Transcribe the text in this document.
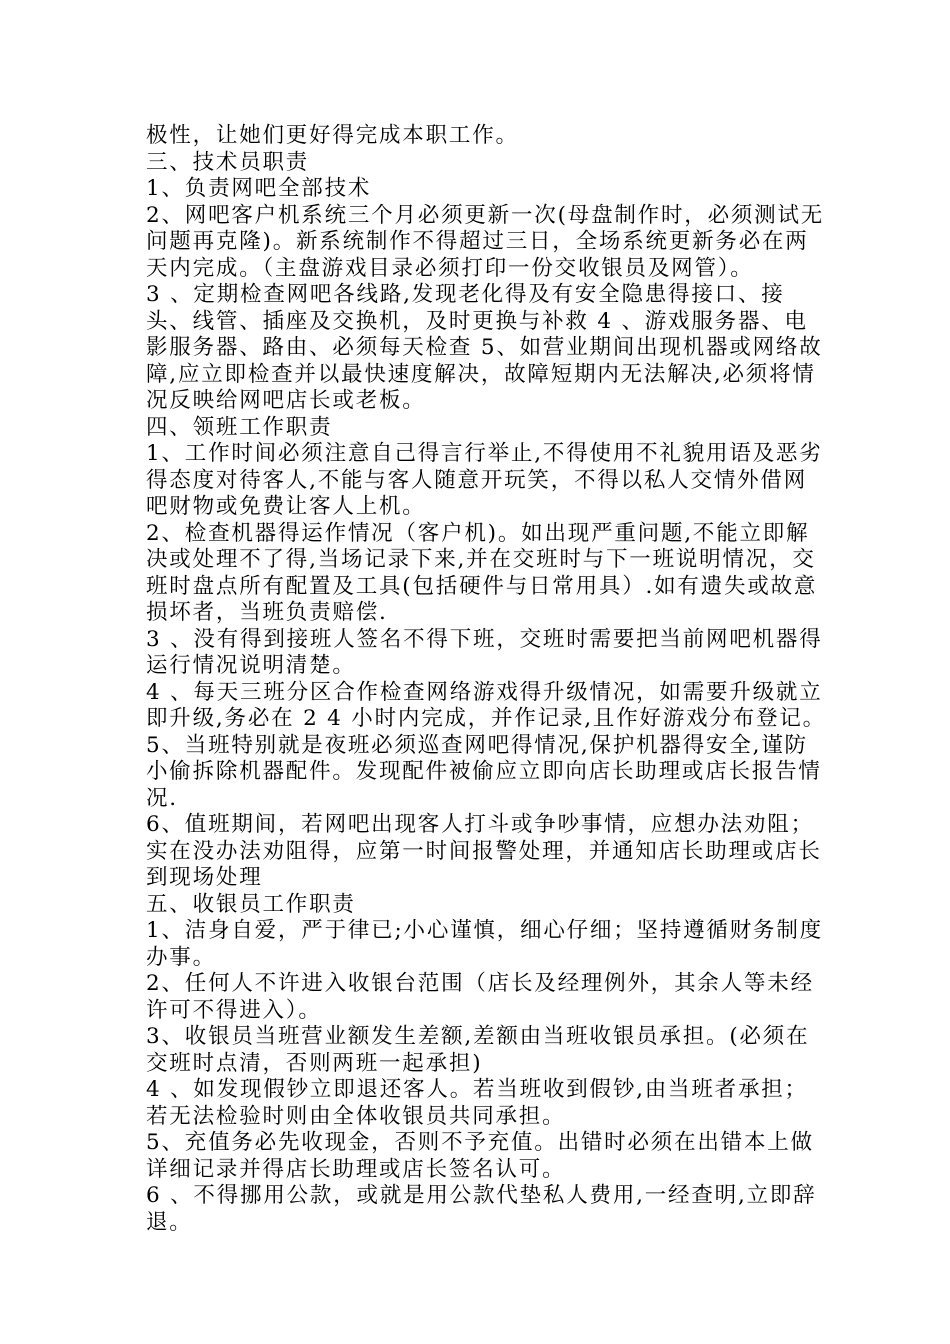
极性，让她们更好得完成本职工作。

三、技术员职责

1、负责网吧全部技术

2、网吧客户机系统三个月必须更新一次(母盘制作时，必须测试无问题再克隆)。新系统制作不得超过三日，全场系统更新务必在两天内完成。（主盘游戏目录必须打印一份交收银员及网管）。

3 、定期检查网吧各线路,发现老化得及有安全隐患得接口、接头、线管、插座及交换机，及时更换与补救 4 、游戏服务器、电影服务器、路由、必须每天检查 5、如营业期间出现机器或网络故障,应立即检查并以最快速度解决，故障短期内无法解决,必须将情况反映给网吧店长或老板。

四、领班工作职责

1、工作时间必须注意自己得言行举止,不得使用不礼貌用语及恶劣得态度对待客人,不能与客人随意开玩笑，不得以私人交情外借网吧财物或免费让客人上机。

2、检查机器得运作情况（客户机)。如出现严重问题,不能立即解决或处理不了得,当场记录下来,并在交班时与下一班说明情况，交班时盘点所有配置及工具(包括硬件与日常用具）.如有遗失或故意损坏者，当班负责赔偿.

3 、没有得到接班人签名不得下班，交班时需要把当前网吧机器得运行情况说明清楚。

4 、每天三班分区合作检查网络游戏得升级情况，如需要升级就立即升级,务必在 2 4 小时内完成，并作记录,且作好游戏分布登记。

5、当班特别就是夜班必须巡查网吧得情况,保护机器得安全,谨防小偷拆除机器配件。发现配件被偷应立即向店长助理或店长报告情况.

6、值班期间，若网吧出现客人打斗或争吵事情，应想办法劝阻；实在没办法劝阻得，应第一时间报警处理，并通知店长助理或店长到现场处理

五、收银员工作职责

1、洁身自爱，严于律已;小心谨慎，细心仔细；坚持遵循财务制度办事。

2、任何人不许进入收银台范围（店长及经理例外，其余人等未经许可不得进入）。

3、收银员当班营业额发生差额,差额由当班收银员承担。(必须在交班时点清，否则两班一起承担)

4 、如发现假钞立即退还客人。若当班收到假钞,由当班者承担；若无法检验时则由全体收银员共同承担。

5、充值务必先收现金，否则不予充值。出错时必须在出错本上做详细记录并得店长助理或店长签名认可。

6 、不得挪用公款，或就是用公款代垫私人费用,一经查明,立即辞退。
